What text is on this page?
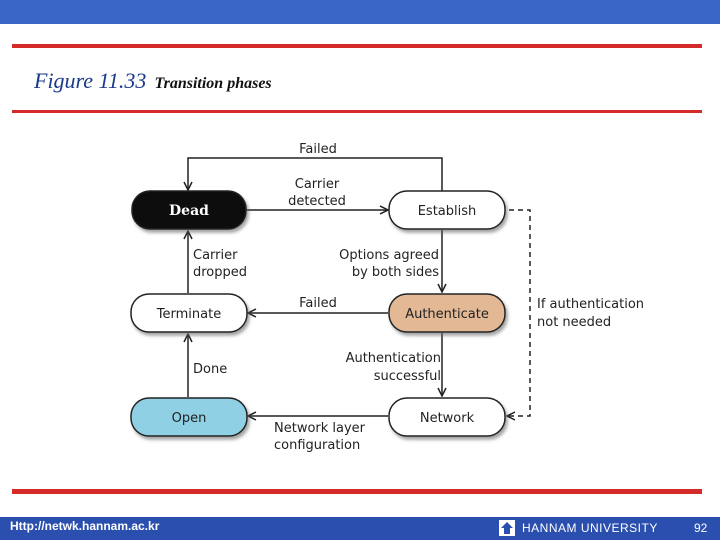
Figure 11.33 Transition phases
Dead	Establish
Terminate	Authenticate
Open	Network
Failed
Carrier
detected
Carrier
dropped
Options agreed
by both sides
Failed	If authentication
not needed
Done
Authentication
successful
Network layer
configuration
Http://netwk.hannam.ac.kr	HANNAM UNIVERSITY	92
